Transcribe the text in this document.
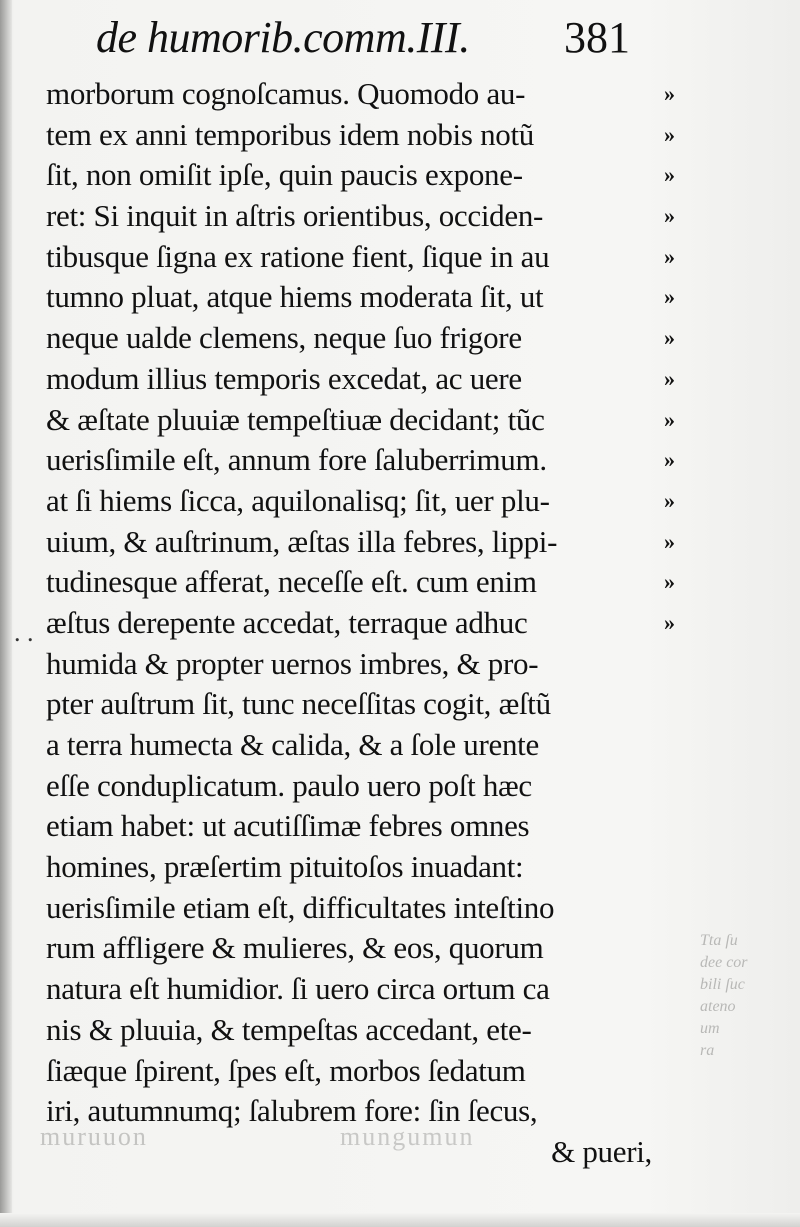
de humorib.comm.III. 381
morborum cognoſcamus. Quomodo au-
tem ex anni temporibus idem nobis notũ
ſit, non omiſit ipſe, quin paucis expone-
ret: Si inquit in aſtris orientibus, occiden-
tibusque ſigna ex ratione fient, ſique in au
tumno pluat, atque hiems moderata ſit, ut
neque ualde clemens, neque ſuo frigore
modum illius temporis excedat, ac uere
& æſtate pluuiæ tempeſtiuæ decidant; tũc
uerisſimile eſt, annum fore ſaluberrimum.
at ſi hiems ſicca, aquilonalisq; ſit, uer plu-
uium, & auſtrinum, æſtas illa febres, lippi-
tudinesque afferat, neceſſe eſt. cum enim
æſtus derepente accedat, terraque adhuc
humida & propter uernos imbres, & pro-
pter auſtrum ſit, tunc neceſſitas cogit, æſtũ
a terra humecta & calida, & a ſole urente
eſſe conduplicatum. paulo uero poſt hæc
etiam habet: ut acutiſſimæ febres omnes
homines, præſertim pituitoſos inuadant:
uerisſimile etiam eſt, difficultates inteſtino
rum affligere & mulieres, & eos, quorum
natura eſt humidior. ſi uero circa ortum ca
nis & pluuia, & tempeſtas accedant, ete-
ſiæque ſpirent, ſpes eſt, morbos ſedatum
iri, autumnumq; ſalubrem fore: ſin ſecus,
& pueri,
»
»
»
»
»
»
»
»
»
»
»
»
»
»
. .
Tta ſu
dee cor
bili ſuc
ateno
um
ra
muruuon	mungumun
